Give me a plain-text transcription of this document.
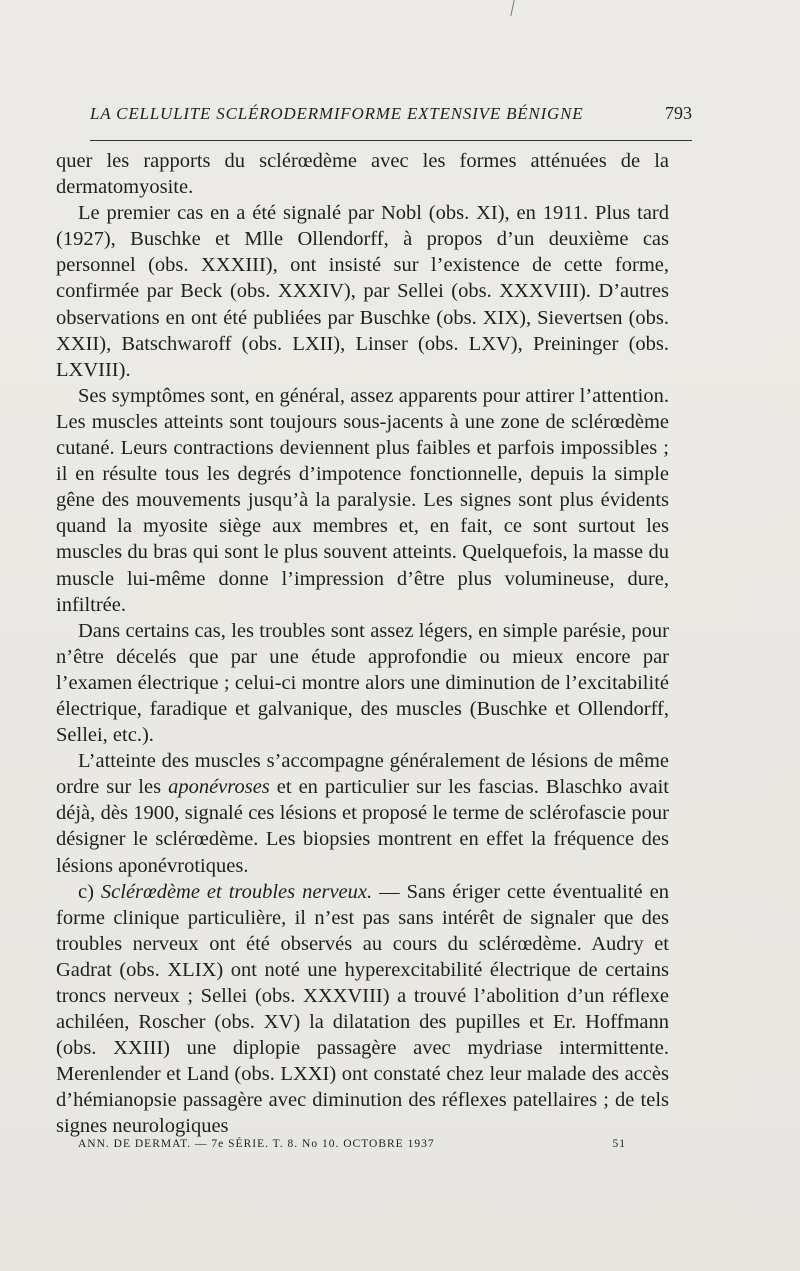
LA CELLULITE SCLÉRODERMIFORME EXTENSIVE BÉNIGNE	793

quer les rapports du sclérœdème avec les formes atténuées de la dermatomyosite.

Le premier cas en a été signalé par Nobl (obs. XI), en 1911. Plus tard (1927), Buschke et Mlle Ollendorff, à propos d’un deuxième cas personnel (obs. XXXIII), ont insisté sur l’existence de cette forme, confirmée par Beck (obs. XXXIV), par Sellei (obs. XXXVIII). D’autres observations en ont été publiées par Buschke (obs. XIX), Sievertsen (obs. XXII), Batschwaroff (obs. LXII), Linser (obs. LXV), Preininger (obs. LXVIII).

Ses symptômes sont, en général, assez apparents pour attirer l’attention. Les muscles atteints sont toujours sous-jacents à une zone de sclérœdème cutané. Leurs contractions deviennent plus faibles et parfois impossibles ; il en résulte tous les degrés d’impotence fonctionnelle, depuis la simple gêne des mouvements jusqu’à la paralysie. Les signes sont plus évidents quand la myosite siège aux membres et, en fait, ce sont surtout les muscles du bras qui sont le plus souvent atteints. Quelquefois, la masse du muscle lui-même donne l’impression d’être plus volumineuse, dure, infiltrée.

Dans certains cas, les troubles sont assez légers, en simple parésie, pour n’être décelés que par une étude approfondie ou mieux encore par l’examen électrique ; celui-ci montre alors une diminution de l’excitabilité électrique, faradique et galvanique, des muscles (Buschke et Ollendorff, Sellei, etc.).

L’atteinte des muscles s’accompagne généralement de lésions de même ordre sur les aponévroses et en particulier sur les fascias. Blaschko avait déjà, dès 1900, signalé ces lésions et proposé le terme de sclérofascie pour désigner le sclérœdème. Les biopsies montrent en effet la fréquence des lésions aponévrotiques.

c) Sclérœdème et troubles nerveux. — Sans ériger cette éventualité en forme clinique particulière, il n’est pas sans intérêt de signaler que des troubles nerveux ont été observés au cours du sclérœdème. Audry et Gadrat (obs. XLIX) ont noté une hyperexcitabilité électrique de certains troncs nerveux ; Sellei (obs. XXXVIII) a trouvé l’abolition d’un réflexe achiléen, Roscher (obs. XV) la dilatation des pupilles et Er. Hoffmann (obs. XXIII) une diplopie passagère avec mydriase intermittente. Merenlender et Land (obs. LXXI) ont constaté chez leur malade des accès d’hémianopsie passagère avec diminution des réflexes patellaires ; de tels signes neurologiques

ANN. DE DERMAT. — 7e SÉRIE. T. 8. No 10. OCTOBRE 1937	51
